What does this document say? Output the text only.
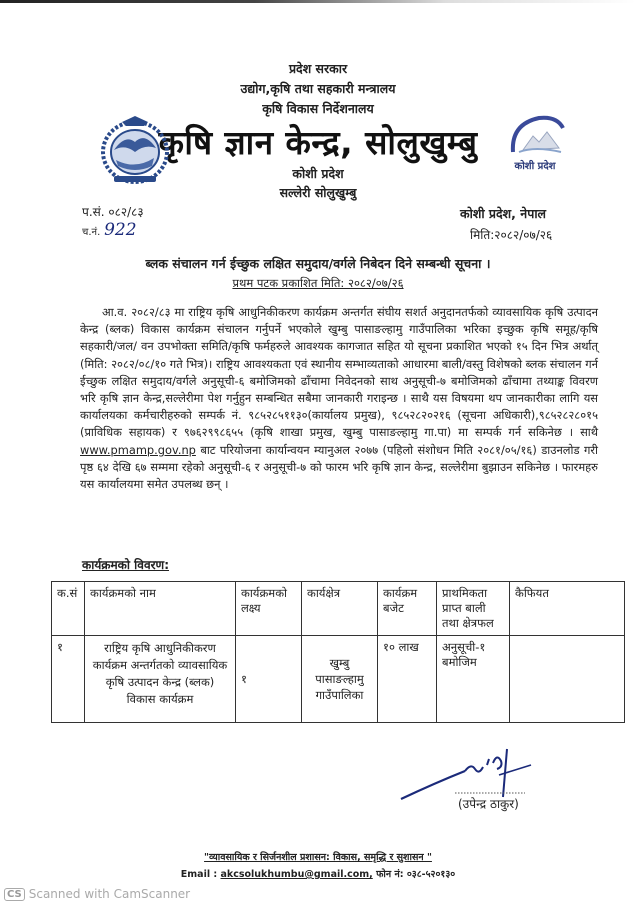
प्रदेश सरकार
उद्योग,कृषि तथा सहकारी मन्त्रालय
कृषि विकास निर्देशनालय
कृषि ज्ञान केन्द्र, सोलुखुम्बु
कोशी प्रदेश
सल्लेरी सोलुखुम्बु
कोशी प्रदेश
प.सं. ०८२/८३
च.नं. 922
कोशी प्रदेश, नेपाल
मिति:२०८२/०७/२६
ब्लक संचालन गर्न ईच्छुक लक्षित समुदाय/वर्गले निबेदन दिने सम्बन्धी सूचना ।
प्रथम पटक प्रकाशित मिति: २०८२/०७/२६
आ.व. २०८२/८३ मा राष्ट्रिय कृषि आधुनिकीकरण कार्यक्रम अन्तर्गत संघीय सशर्त अनुदानतर्फको व्यावसायिक कृषि उत्पादन केन्द्र (ब्लक) विकास कार्यक्रम संचालन गर्नुपर्ने भएकोले खुम्बु पासाङल्हामु गाउँपालिका भरिका इच्छुक कृषि समूह/कृषि सहकारी/जल/ वन उपभोक्ता समिति/कृषि फर्महरुले आवश्यक कागजात सहित यो सूचना प्रकाशित भएको १५ दिन भित्र अर्थात् (मिति: २०८२/०८/१० गते भित्र)। राष्ट्रिय आवश्यकता एवं स्थानीय सम्भाव्यताको आधारमा बाली/वस्तु विशेषको ब्लक संचालन गर्न ईच्छुक लक्षित समुदाय/वर्गले अनुसूची-६ बमोजिमको ढाँचामा निवेदनको साथ अनुसूची-७ बमोजिमको ढाँचामा तथ्याङ्क विवरण भरि कृषि ज्ञान केन्द्र,सल्लेरीमा पेश गर्नुहुन सम्बन्धित सबैमा जानकारी गराइन्छ । साथै यस विषयमा थप जानकारीका लागि यस कार्यालयका कर्मचारीहरुको सम्पर्क नं. ९८५२८५११३०(कार्यालय प्रमुख), ९८५२८२०२१६ (सूचना अधिकारी),९८५२८२८०१५ (प्राविधिक सहायक) र ९७६२९९८६५५ (कृषि शाखा प्रमुख, खुम्बु पासाङल्हामु गा.पा) मा सम्पर्क गर्न सकिनेछ । साथै www.pmamp.gov.np बाट परियोजना कार्यान्वयन म्यानुअल २०७७ (पहिलो संशोधन मिति २०८१/०५/१६) डाउनलोड गरी पृष्ठ ६४ देखि ६७ सम्ममा रहेको अनुसूची-६ र अनुसूची-७ को फारम भरि कृषि ज्ञान केन्द्र, सल्लेरीमा बुझाउन सकिनेछ । फारमहरु यस कार्यालयमा समेत उपलब्ध छन् ।
कार्यक्रमको विवरण:
क.सं	कार्यक्रमको नाम	कार्यक्रमको लक्ष्य	कार्यक्षेत्र	कार्यक्रम बजेट	प्राथमिकता प्राप्त बाली तथा क्षेत्रफल	कैफियत
१	राष्ट्रिय कृषि आधुनिकीकरण कार्यक्रम अन्तर्गतको व्यावसायिक कृषि उत्पादन केन्द्र (ब्लक) विकास कार्यक्रम	१	खुम्बु पासाङल्हामु गाउँपालिका	१० लाख	अनुसूची-१ बमोजिम	
(उपेन्द्र ठाकुर)
"व्यावसायिक र सिर्जनशील प्रशासन: विकास, समृद्धि र सुशासन "
Email : akcsolukhumbu@gmail.com, फोन नं: ०३८-५२०१३०
CS Scanned with CamScanner
